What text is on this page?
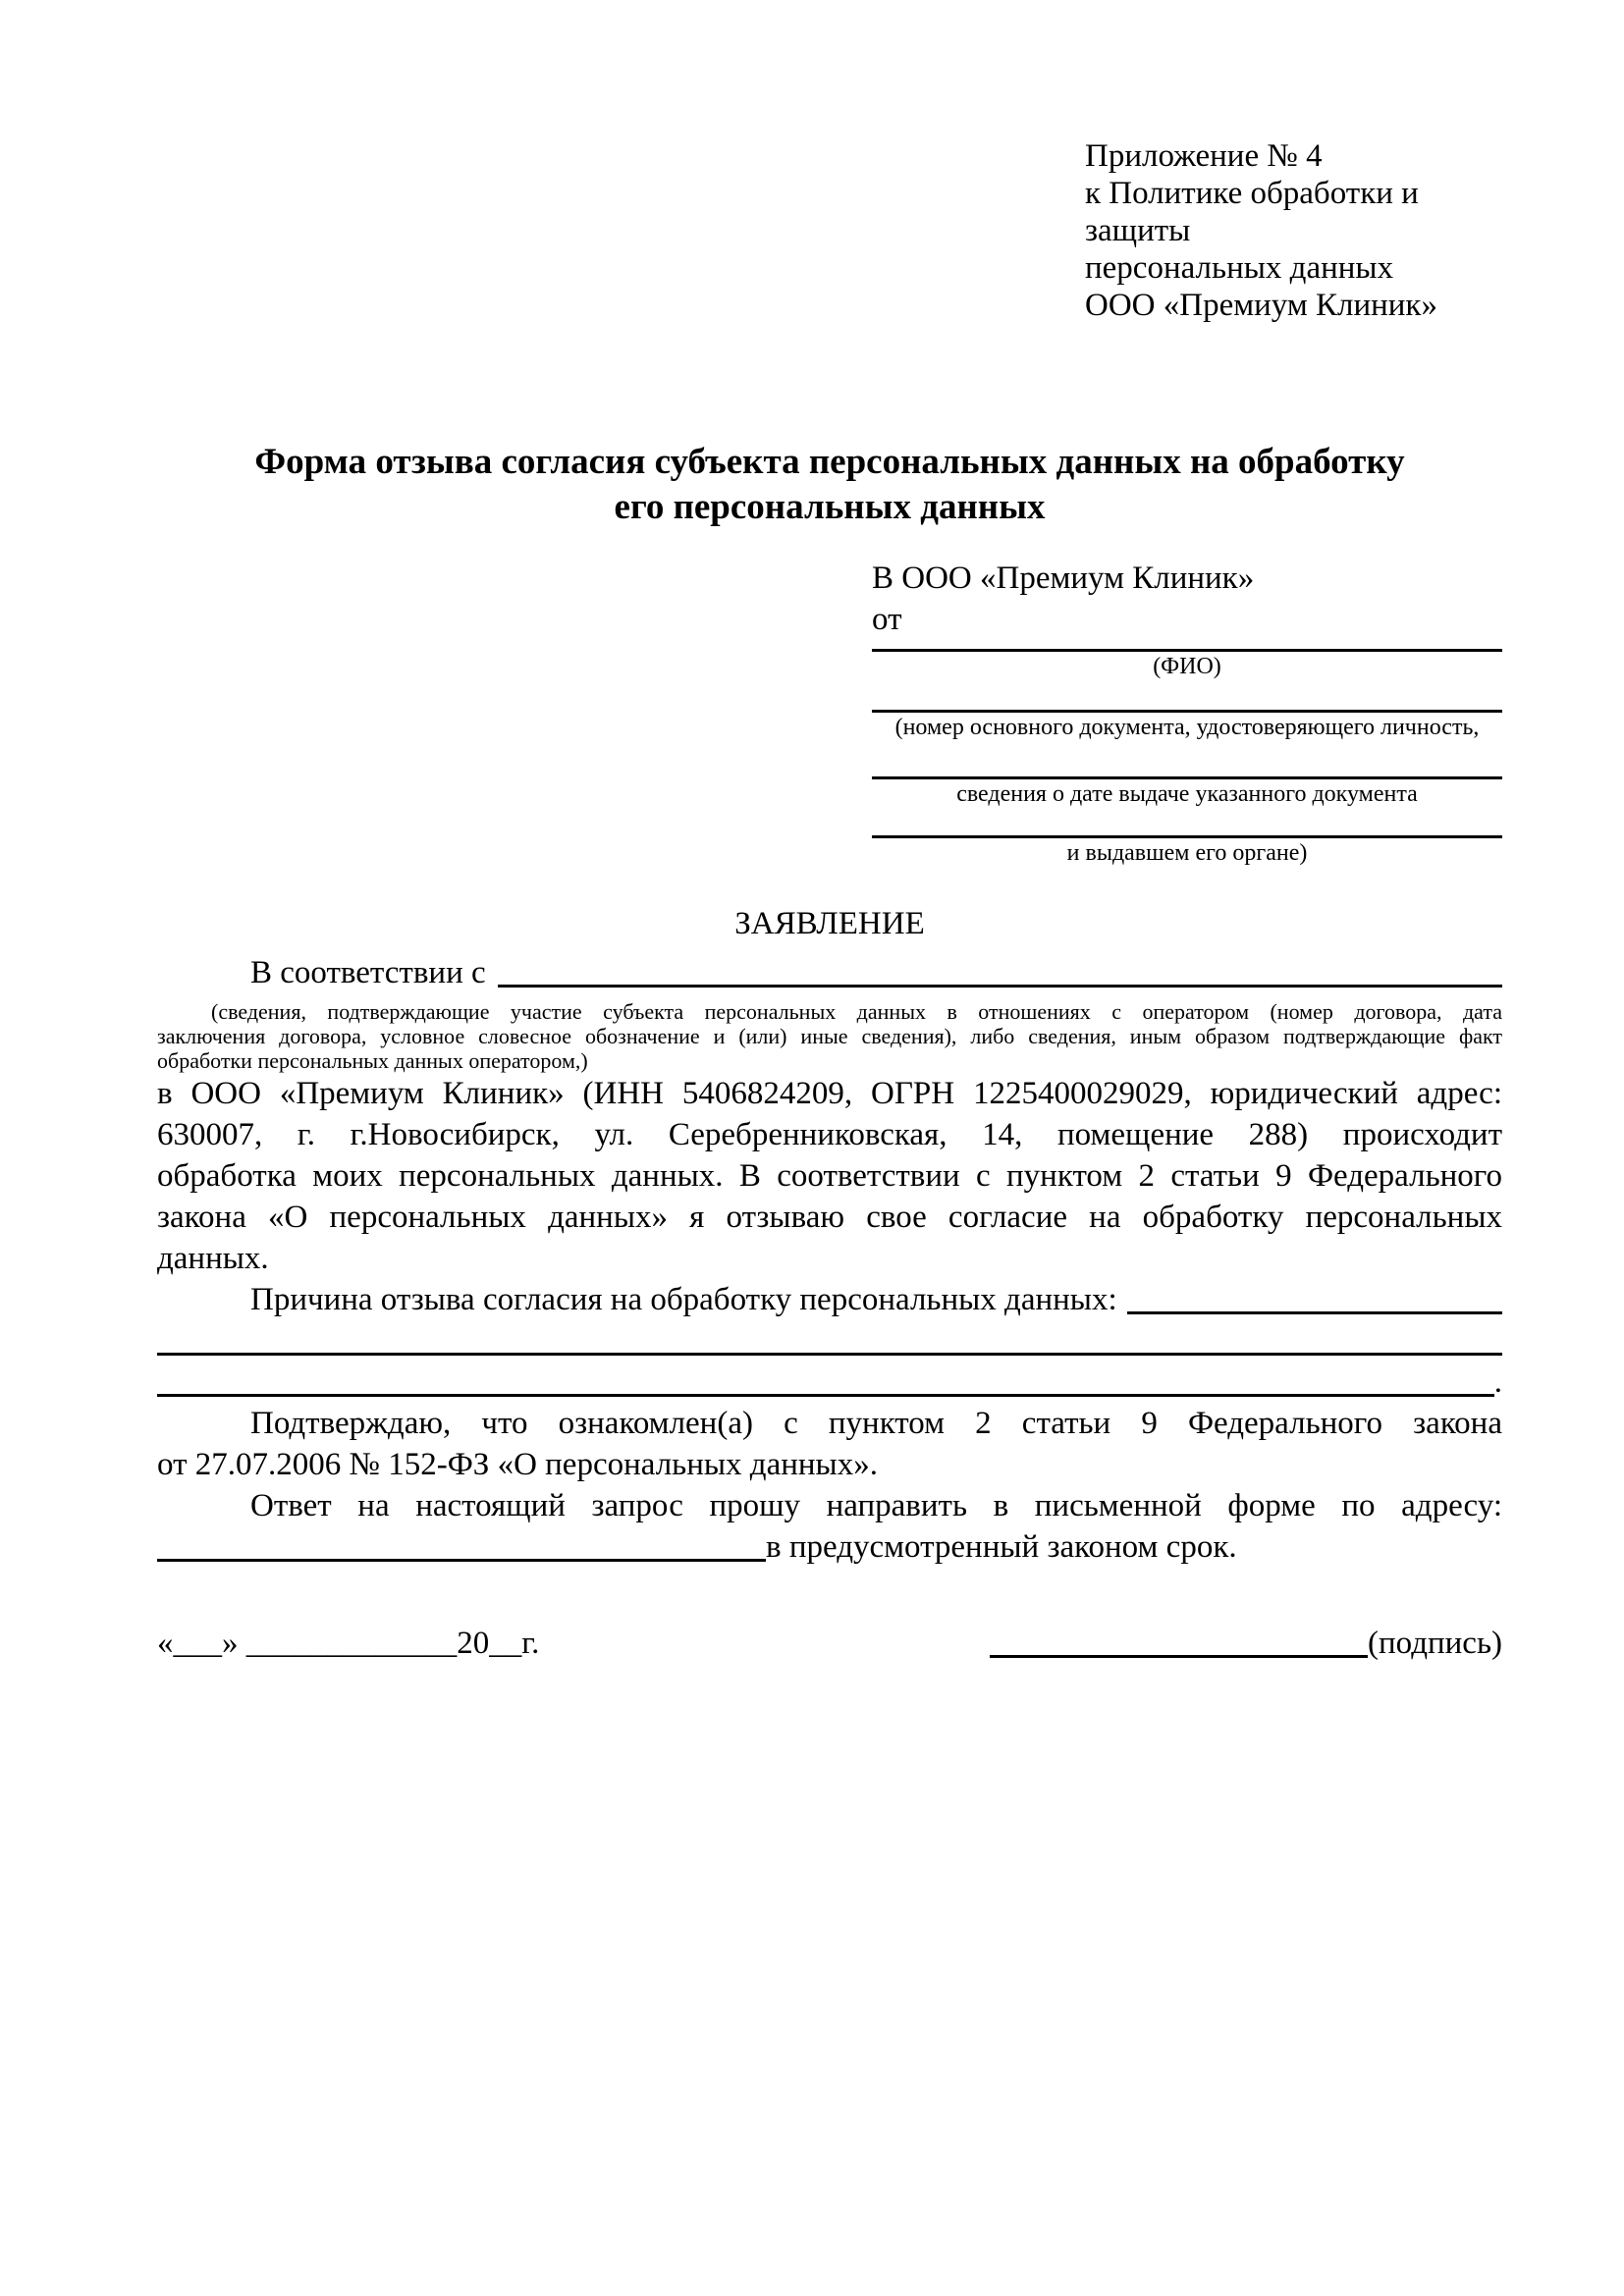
Приложение № 4
к Политике обработки и защиты
персональных данных
ООО «Премиум Клиник»
Форма отзыва согласия субъекта персональных данных на обработку
его персональных данных
В ООО «Премиум Клиник»
от
(ФИО)
(номер основного документа, удостоверяющего личность,
сведения о дате выдаче указанного документа
и выдавшем его органе)
ЗАЯВЛЕНИЕ
В соответствии с
(сведения, подтверждающие участие субъекта персональных данных в отношениях с оператором (номер договора, дата
заключения договора, условное словесное обозначение и (или) иные сведения), либо сведения, иным образом подтверждающие факт
обработки персональных данных оператором,)
в ООО «Премиум Клиник» (ИНН 5406824209, ОГРН 1225400029029, юридический адрес:
630007, г. г.Новосибирск, ул. Серебренниковская, 14, помещение 288) происходит
обработка моих персональных данных. В соответствии с пунктом 2 статьи 9 Федерального
закона «О персональных данных» я отзываю свое согласие на обработку персональных
данных.
Причина отзыва согласия на обработку персональных данных:
.
Подтверждаю, что ознакомлен(а) с пунктом 2 статьи 9 Федерального закона
от 27.07.2006 № 152-ФЗ «О персональных данных».
Ответ на настоящий запрос прошу направить в письменной форме по адресу:
в предусмотренный законом срок.
«___» _____________20__г.	(подпись)
